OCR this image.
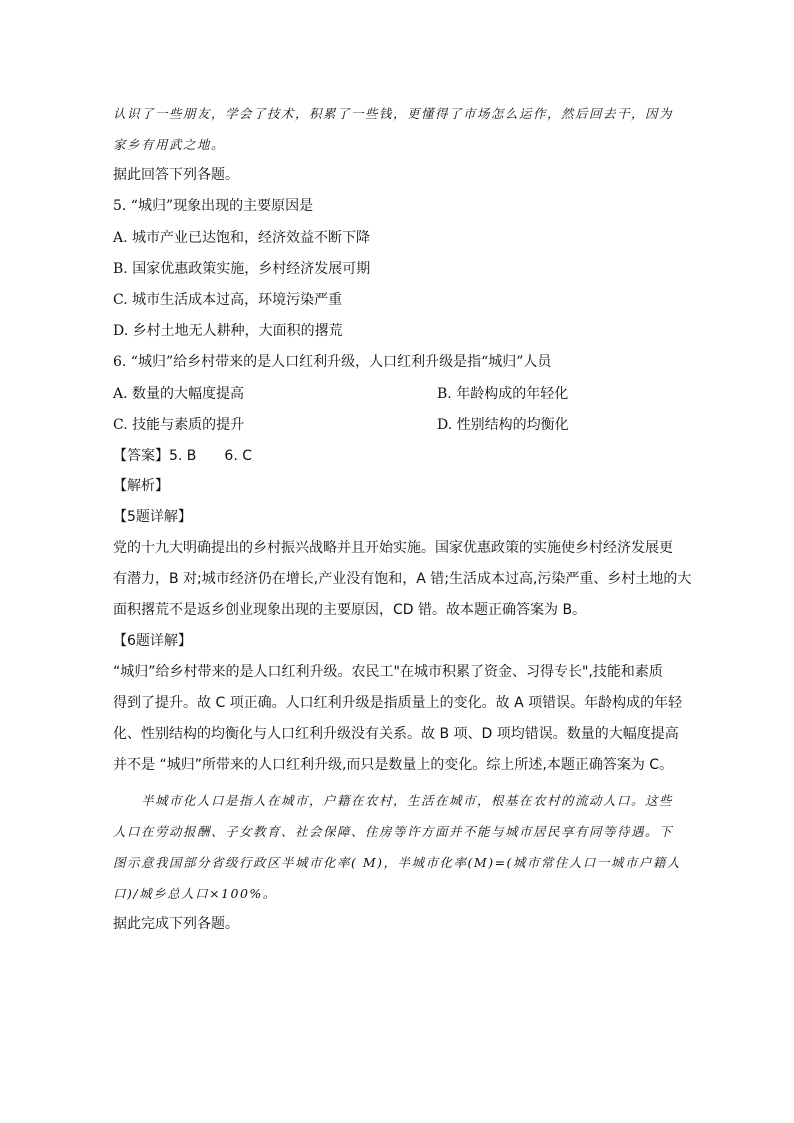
认识了一些朋友，学会了技术，积累了一些钱，更懂得了市场怎么运作，然后回去干，因为
家乡有用武之地。
据此回答下列各题。
5. “城归”现象出现的主要原因是
A. 城市产业已达饱和，经济效益不断下降
B. 国家优惠政策实施，乡村经济发展可期
C. 城市生活成本过高，环境污染严重
D. 乡村土地无人耕种，大面积的撂荒
6. “城归”给乡村带来的是人口红利升级，人口红利升级是指“城归”人员
A. 数量的大幅度提高	B. 年龄构成的年轻化
C. 技能与素质的提升	D. 性别结构的均衡化
【答案】5. B　　6. C
【解析】
【5题详解】
党的十九大明确提出的乡村振兴战略并且开始实施。国家优惠政策的实施使乡村经济发展更
有潜力，B 对;城市经济仍在增长,产业没有饱和，A 错;生活成本过高,污染严重、乡村土地的大
面积撂荒不是返乡创业现象出现的主要原因，CD 错。故本题正确答案为 B。
【6题详解】
“城归”给乡村带来的是人口红利升级。农民工"在城市积累了资金、习得专长",技能和素质
得到了提升。故 C 项正确。人口红利升级是指质量上的变化。故 A 项错误。年龄构成的年轻
化、性别结构的均衡化与人口红利升级没有关系。故 B 项、D 项均错误。数量的大幅度提高
并不是 “城归”所带来的人口红利升级,而只是数量上的变化。综上所述,本题正确答案为 C。
半城市化人口是指人在城市，户籍在农村，生活在城市，根基在农村的流动人口。这些
人口在劳动报酬、子女教育、社会保障、住房等许方面并不能与城市居民享有同等待遇。下
图示意我国部分省级行政区半城市化率( M)，半城市化率(M)=(城市常住人口一城市户籍人
口)/城乡总人口×100%。
据此完成下列各题。
